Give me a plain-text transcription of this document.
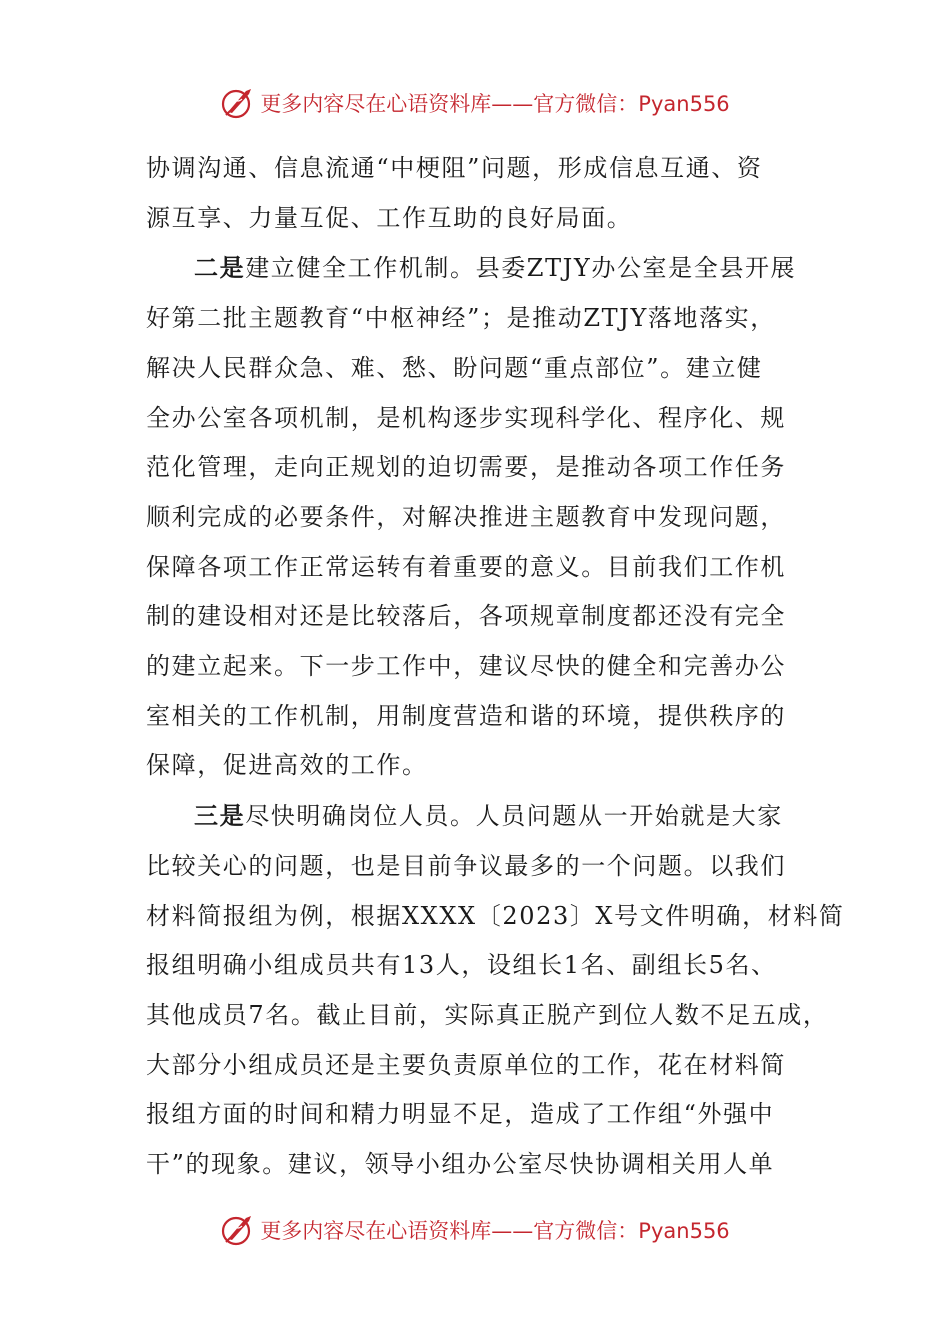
更多内容尽在心语资料库——官方微信：Pyan556

协调沟通、信息流通“中梗阻”问题，形成信息互通、资
源互享、力量互促、工作互助的良好局面。

二是建立健全工作机制。县委ZTJY办公室是全县开展
好第二批主题教育“中枢神经”；是推动ZTJY落地落实，
解决人民群众急、难、愁、盼问题“重点部位”。建立健
全办公室各项机制，是机构逐步实现科学化、程序化、规
范化管理，走向正规划的迫切需要，是推动各项工作任务
顺利完成的必要条件，对解决推进主题教育中发现问题，
保障各项工作正常运转有着重要的意义。目前我们工作机
制的建设相对还是比较落后，各项规章制度都还没有完全
的建立起来。下一步工作中，建议尽快的健全和完善办公
室相关的工作机制，用制度营造和谐的环境，提供秩序的
保障，促进高效的工作。

三是尽快明确岗位人员。人员问题从一开始就是大家
比较关心的问题，也是目前争议最多的一个问题。以我们
材料简报组为例，根据XXXX〔2023〕X号文件明确，材料简
报组明确小组成员共有13人，设组长1名、副组长5名、
其他成员7名。截止目前，实际真正脱产到位人数不足五成，
大部分小组成员还是主要负责原单位的工作，花在材料简
报组方面的时间和精力明显不足，造成了工作组“外强中
干”的现象。建议，领导小组办公室尽快协调相关用人单

更多内容尽在心语资料库——官方微信：Pyan556
